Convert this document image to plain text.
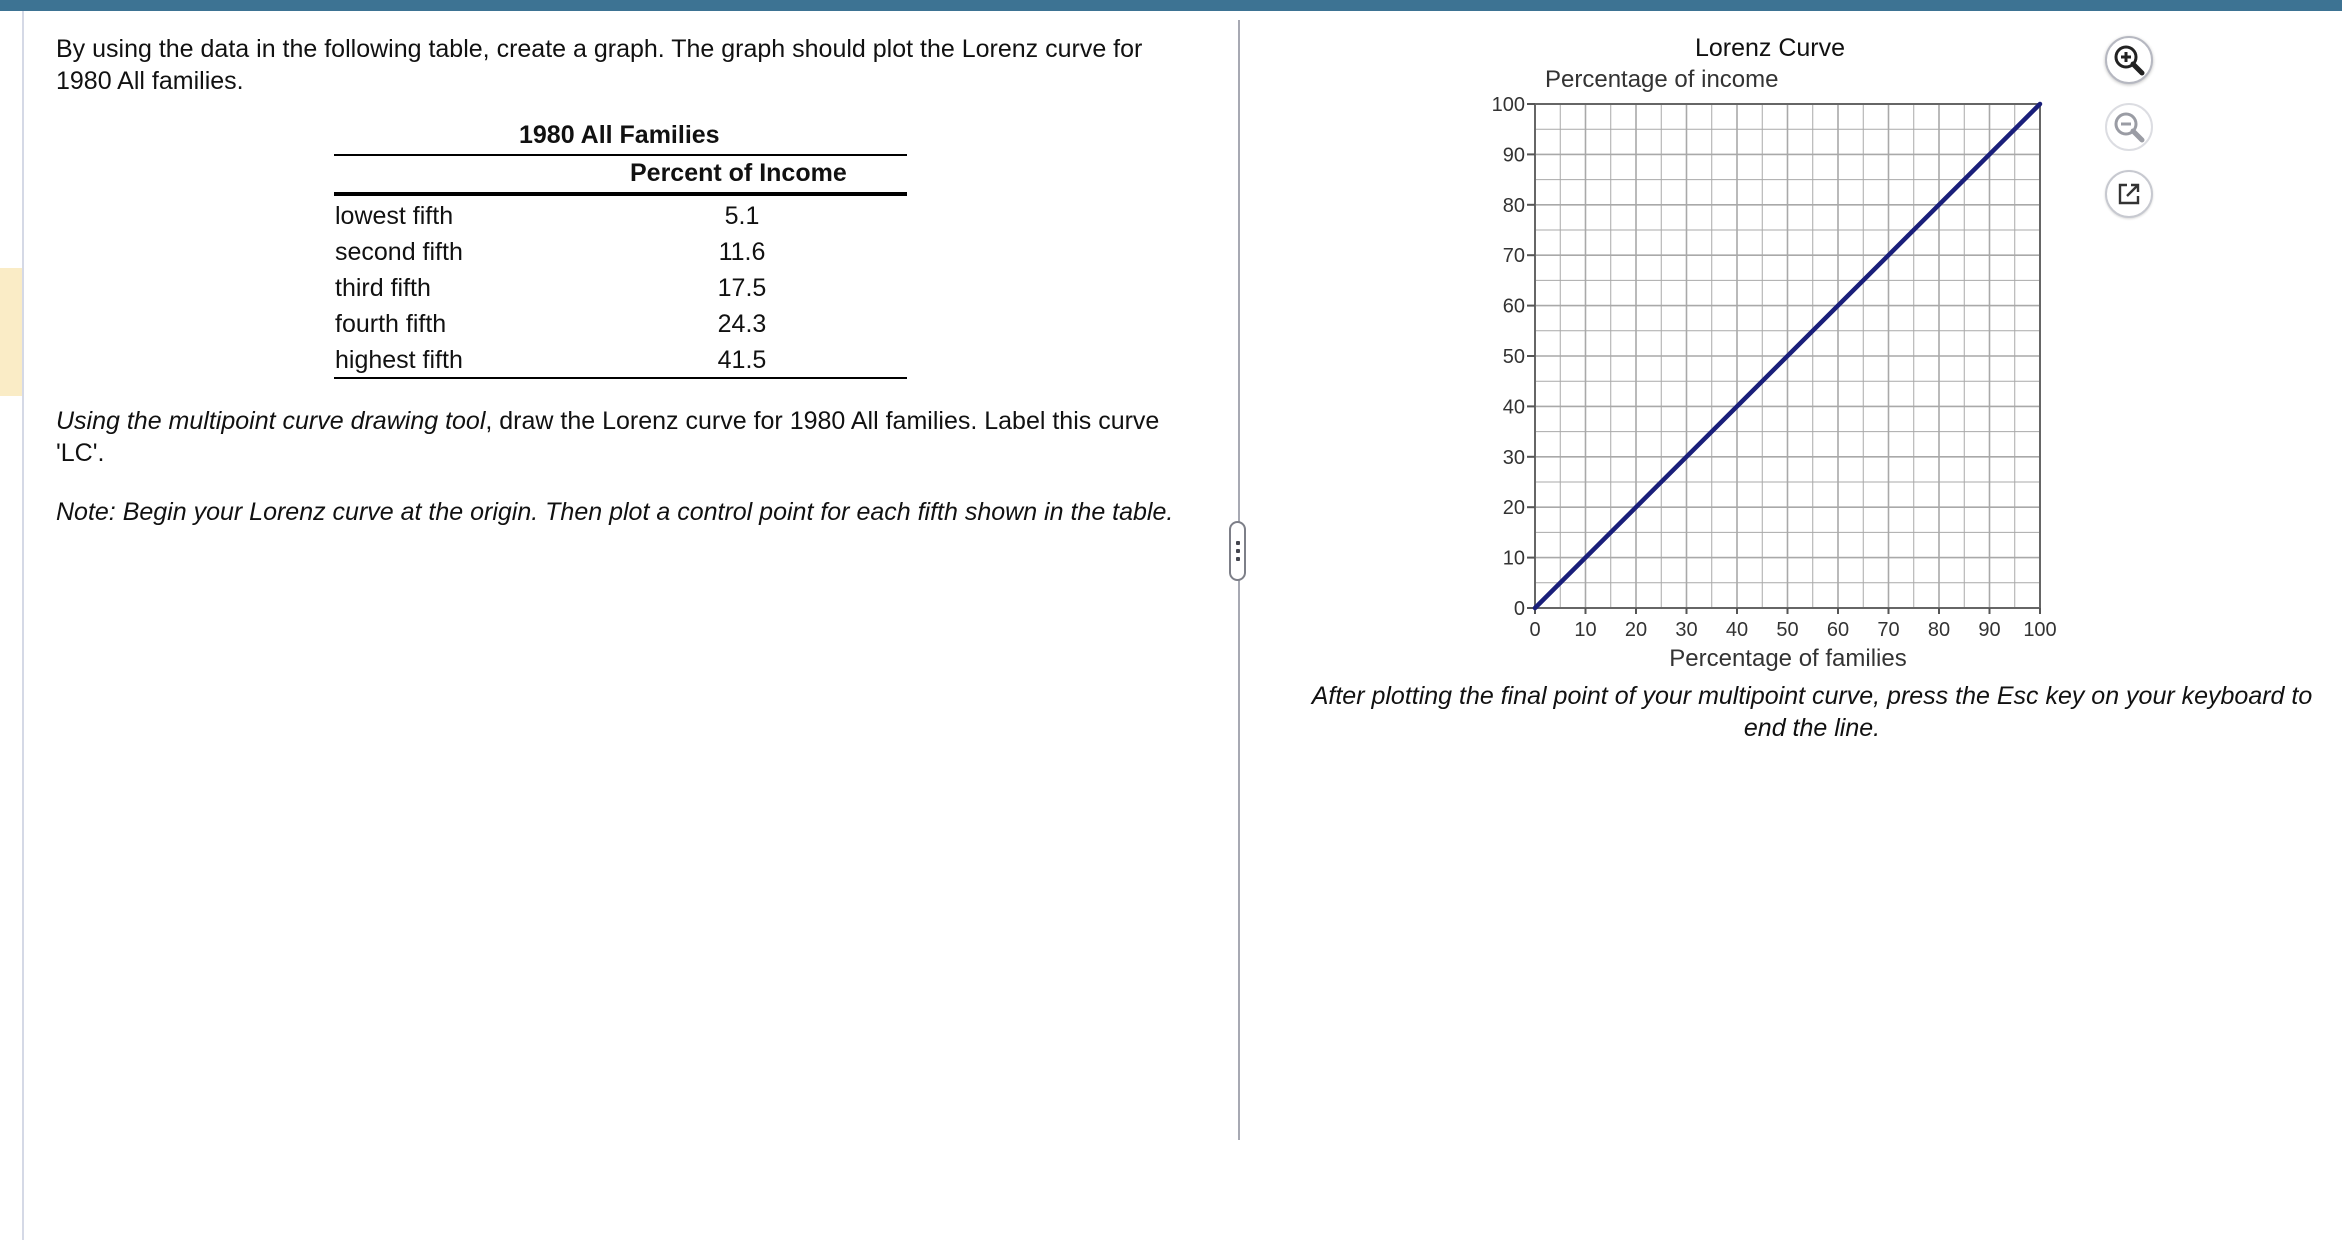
By using the data in the following table, create a graph. The graph should plot the Lorenz curve for 1980 All families.
1980 All Families
Percent of Income
lowest fifth	5.1
second fifth	11.6
third fifth	17.5
fourth fifth	24.3
highest fifth	41.5
Using the multipoint curve drawing tool, draw the Lorenz curve for 1980 All families. Label this curve 'LC'.
Note: Begin your Lorenz curve at the origin. Then plot a control point for each fifth shown in the table.
Lorenz Curve
Percentage of income
0
10
20
30
40
50
60
70
80
90
100
0 10 20 30 40 50 60 70 80 90 100
Percentage of families
After plotting the final point of your multipoint curve, press the Esc key on your keyboard to end the line.
